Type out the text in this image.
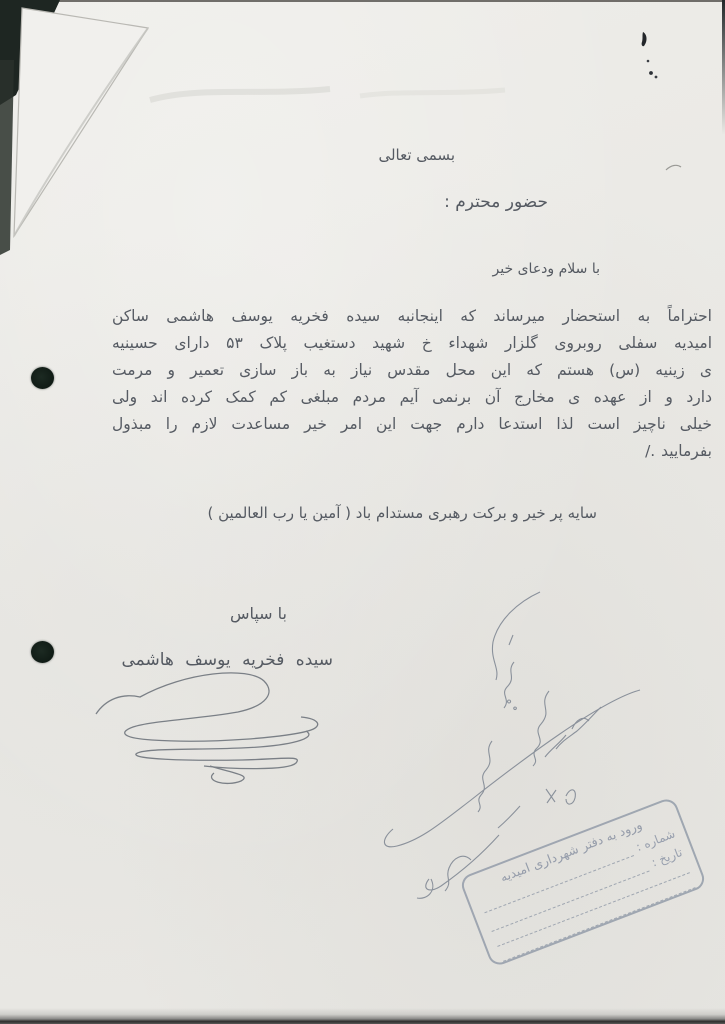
بسمی تعالی
حضور محترم :
با سلام ودعای خیر
احتراماً به استحضار میرساند که اینجانبه سیده فخریه یوسف هاشمی ساکن
امیدیه سفلی روبروی گلزار شهداء خ شهید دستغیب پلاک ۵۳ دارای حسینیه
ی زینیه (س) هستم که این محل مقدس نیاز به باز سازی تعمیر و مرمت
دارد و از عهده ی مخارج آن برنمی آیم مردم مبلغی کم کمک کرده اند ولی
خیلی ناچیز است لذا استدعا دارم جهت این امر خیر مساعدت لازم را مبذول
بفرمایید ./
سایه پر خیر و برکت رهبری مستدام باد ( آمین یا رب العالمین )
با سپاس
سیده فخریه یوسف هاشمی
ورود به دفتر شهرداری امیدیه
شماره :
تاریخ :
